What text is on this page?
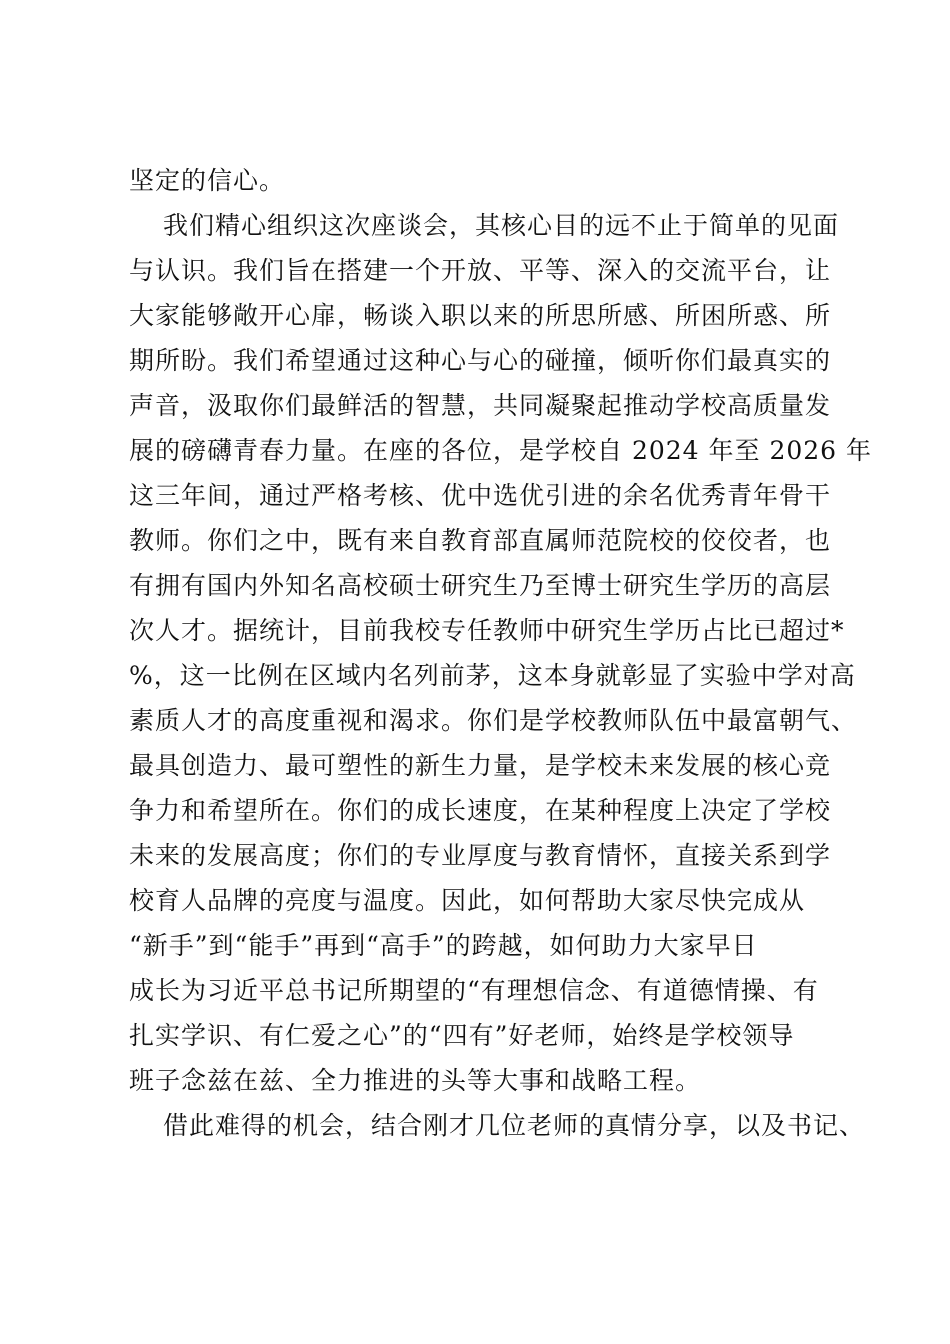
坚定的信心。
我们精心组织这次座谈会，其核心目的远不止于简单的见面
与认识。我们旨在搭建一个开放、平等、深入的交流平台，让
大家能够敞开心扉，畅谈入职以来的所思所感、所困所惑、所
期所盼。我们希望通过这种心与心的碰撞，倾听你们最真实的
声音，汲取你们最鲜活的智慧，共同凝聚起推动学校高质量发
展的磅礴青春力量。在座的各位，是学校自 2024 年至 2026 年
这三年间，通过严格考核、优中选优引进的余名优秀青年骨干
教师。你们之中，既有来自教育部直属师范院校的佼佼者，也
有拥有国内外知名高校硕士研究生乃至博士研究生学历的高层
次人才。据统计，目前我校专任教师中研究生学历占比已超过*
%，这一比例在区域内名列前茅，这本身就彰显了实验中学对高
素质人才的高度重视和渴求。你们是学校教师队伍中最富朝气、
最具创造力、最可塑性的新生力量，是学校未来发展的核心竞
争力和希望所在。你们的成长速度，在某种程度上决定了学校
未来的发展高度；你们的专业厚度与教育情怀，直接关系到学
校育人品牌的亮度与温度。因此，如何帮助大家尽快完成从
“新手”到“能手”再到“高手”的跨越，如何助力大家早日
成长为习近平总书记所期望的“有理想信念、有道德情操、有
扎实学识、有仁爱之心”的“四有”好老师，始终是学校领导
班子念兹在兹、全力推进的头等大事和战略工程。
借此难得的机会，结合刚才几位老师的真情分享，以及书记、
